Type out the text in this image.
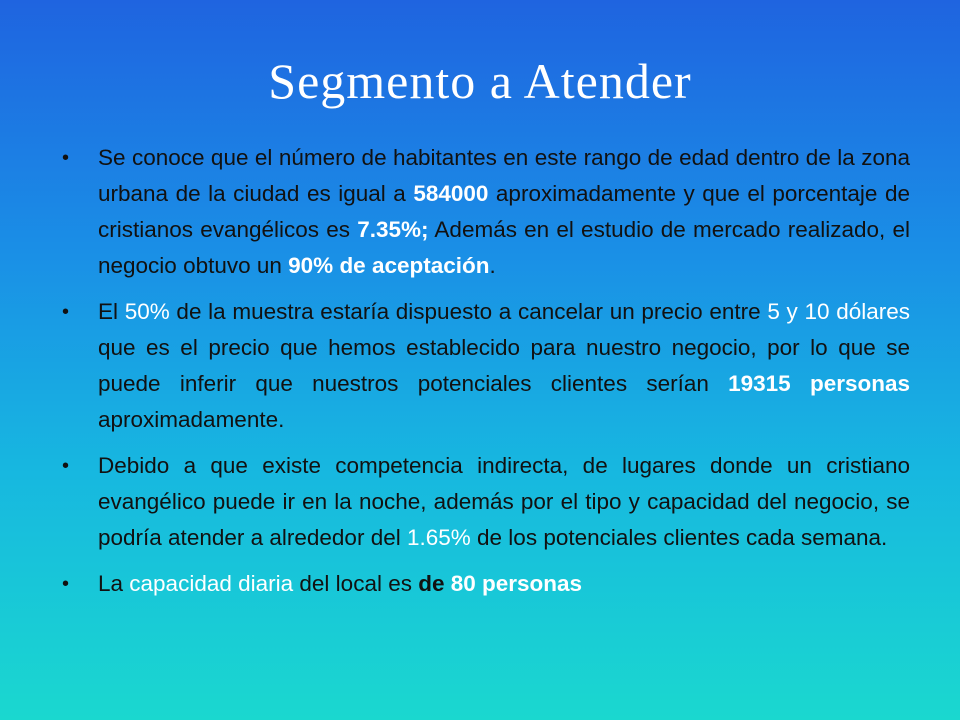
Segmento a Atender
• Se conoce que el número de habitantes en este rango de edad dentro de la zona urbana de la ciudad es igual a 584000 aproximadamente y que el porcentaje de cristianos evangélicos es 7.35%; Además en el estudio de mercado realizado, el negocio obtuvo un 90% de aceptación.
• El 50% de la muestra estaría dispuesto a cancelar un precio entre 5 y 10 dólares que es el precio que hemos establecido para nuestro negocio, por lo que se puede inferir que nuestros potenciales clientes serían 19315 personas aproximadamente.
• Debido a que existe competencia indirecta, de lugares donde un cristiano evangélico puede ir en la noche, además por el tipo y capacidad del negocio, se podría atender a alrededor del 1.65% de los potenciales clientes cada semana.
• La capacidad diaria del local es de 80 personas
